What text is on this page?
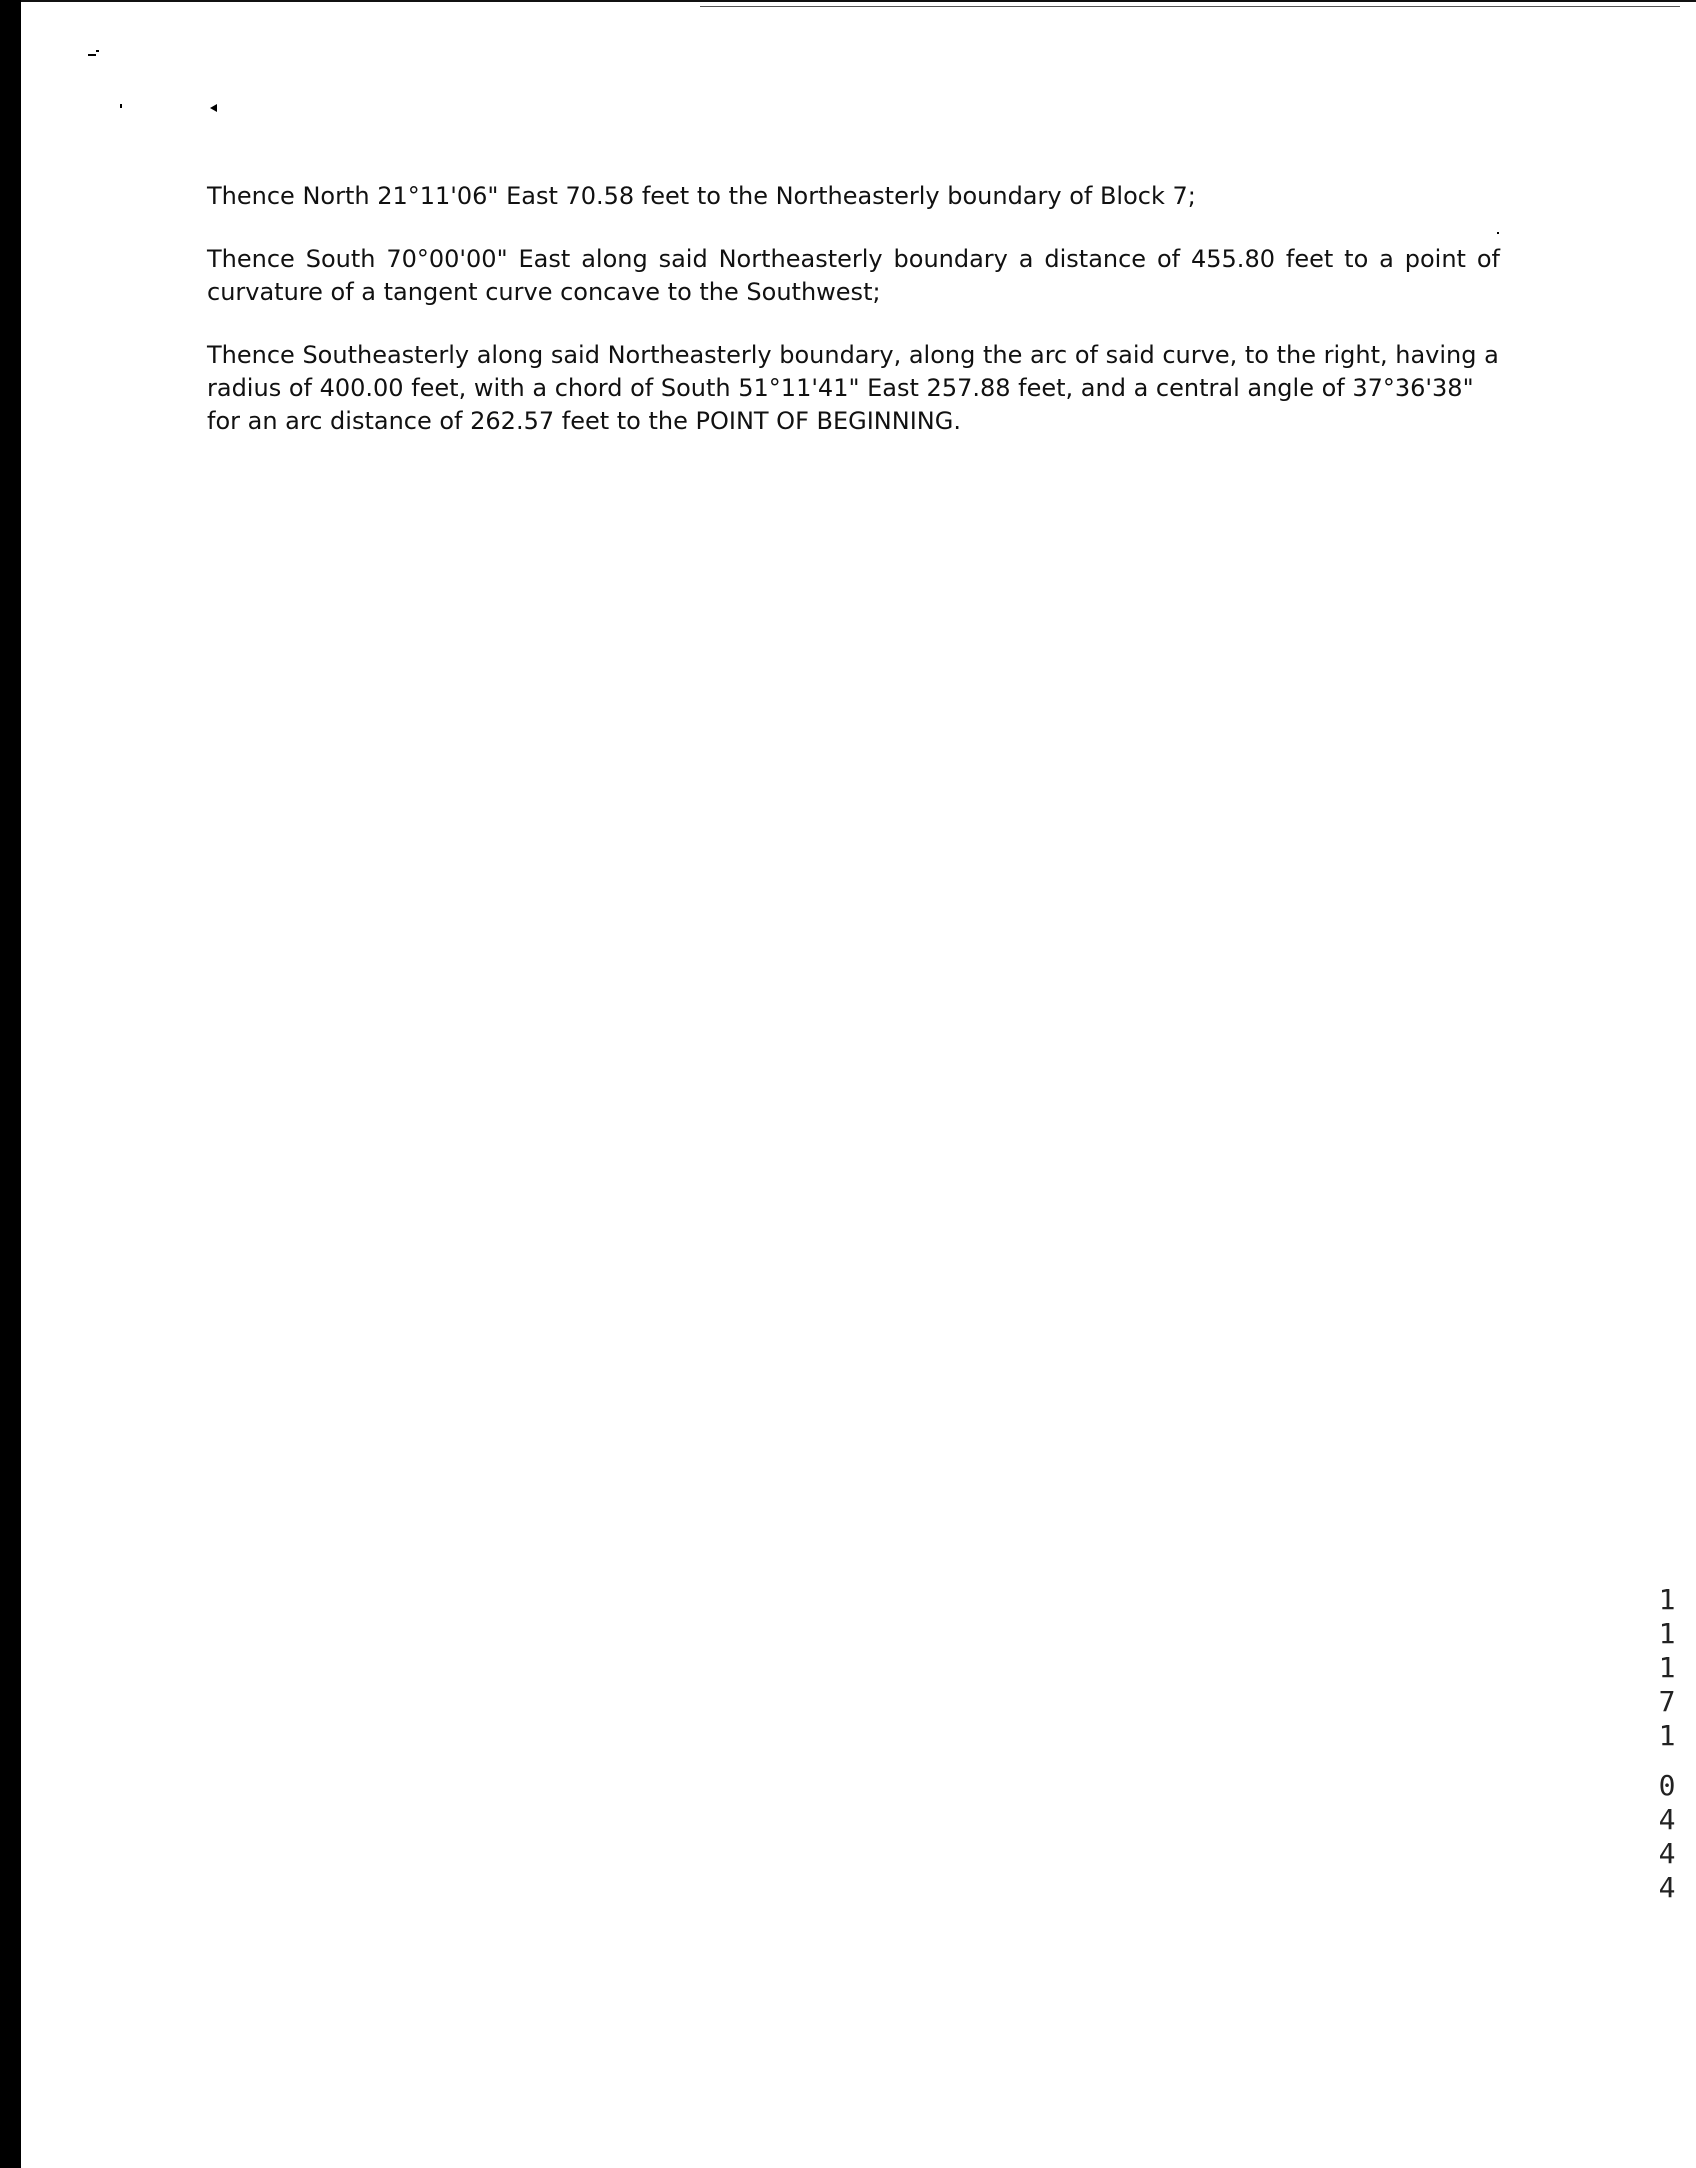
Thence North 21°11'06" East 70.58 feet to the Northeasterly boundary of Block 7;

Thence South 70°00'00" East along said Northeasterly boundary a distance of 455.80 feet to a point of curvature of a tangent curve concave to the Southwest;

Thence Southeasterly along said Northeasterly boundary, along the arc of said curve, to the right, having a radius of 400.00 feet, with a chord of South 51°11'41" East 257.88 feet, and a central angle of 37°36'38" for an arc distance of 262.57 feet to the POINT OF BEGINNING.

1
1
1
7
1
0
4
4
4
